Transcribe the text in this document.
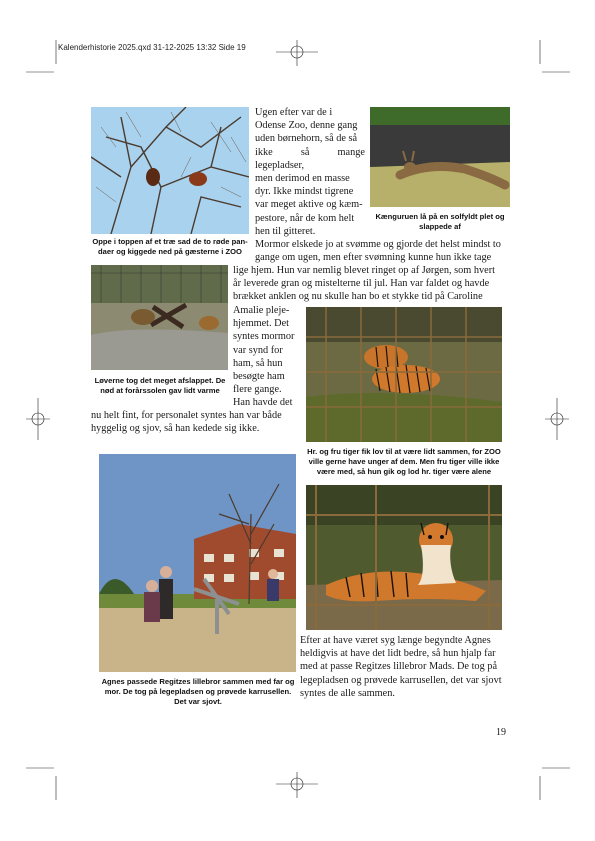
Kalenderhistorie 2025.qxd 31-12-2025 13:32 Side 19
Oppe i toppen af et træ sad de to røde pan-
daer og kiggede ned på gæsterne i ZOO
Ugen efter var de i
Odense Zoo, denne gang
uden børnehorn, så de så
ikke så mange legepladser,
men derimod en masse
dyr. Ikke mindst tigrene
var meget aktive og kæm-
pestore, når de kom helt
hen til gitteret.
Kænguruen lå på en solfyldt plet og
slappede af
Mormor elskede jo at svømme og gjorde det helst mindst to
gange om ugen, men efter svømning kunne hun ikke tage
lige hjem. Hun var nemlig blevet ringet op af Jørgen, som hvert
år leverede gran og mistelterne til jul. Han var faldet og havde
brækket anklen og nu skulle han bo et stykke tid på Caroline
Løverne tog det meget afslappet. De
nød at forårssolen gav lidt varme
Amalie pleje-
hjemmet. Det
syntes mormor
var synd for
ham, så hun
besøgte ham
flere gange.
Han havde det
nu helt fint, for personalet syntes han var både
hyggelig og sjov, så han kedede sig ikke.
Hr. og fru tiger fik lov til at være lidt sammen, for ZOO
ville gerne have unger af dem. Men fru tiger ville ikke
være med, så hun gik og lod hr. tiger være alene
Agnes passede Regitzes lillebror sammen med far og
mor. De tog på legepladsen og prøvede karrusellen.
Det var sjovt.
Efter at have været syg længe begyndte Agnes
heldigvis at have det lidt bedre, så hun hjalp far
med at passe Regitzes lillebror Mads. De tog på
legepladsen og prøvede karrusellen, det var sjovt
syntes de alle sammen.
19
